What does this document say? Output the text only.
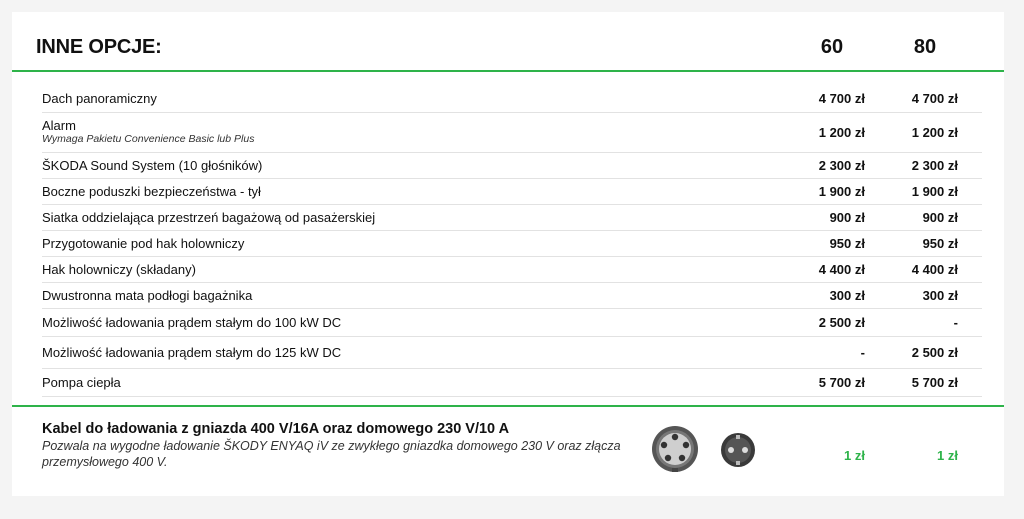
INNE OPCJE:	60	80
Dach panoramiczny	4 700 zł	4 700 zł
Alarm
Wymaga Pakietu Convenience Basic lub Plus	1 200 zł	1 200 zł
ŠKODA Sound System (10 głośników)	2 300 zł	2 300 zł
Boczne poduszki bezpieczeństwa - tył	1 900 zł	1 900 zł
Siatka oddzielająca przestrzeń bagażową od pasażerskiej	900 zł	900 zł
Przygotowanie pod hak holowniczy	950 zł	950 zł
Hak holowniczy (składany)	4 400 zł	4 400 zł
Dwustronna mata podłogi bagażnika	300 zł	300 zł
Możliwość ładowania prądem stałym do 100 kW DC	2 500 zł	-
Możliwość ładowania prądem stałym do 125 kW DC	-	2 500 zł
Pompa ciepła	5 700 zł	5 700 zł
Kabel do ładowania z gniazda 400 V/16A oraz domowego 230 V/10 A
Pozwala na wygodne ładowanie ŠKODY ENYAQ iV ze zwykłego gniazdka domowego 230 V oraz złącza przemysłowego 400 V.	1 zł	1 zł
